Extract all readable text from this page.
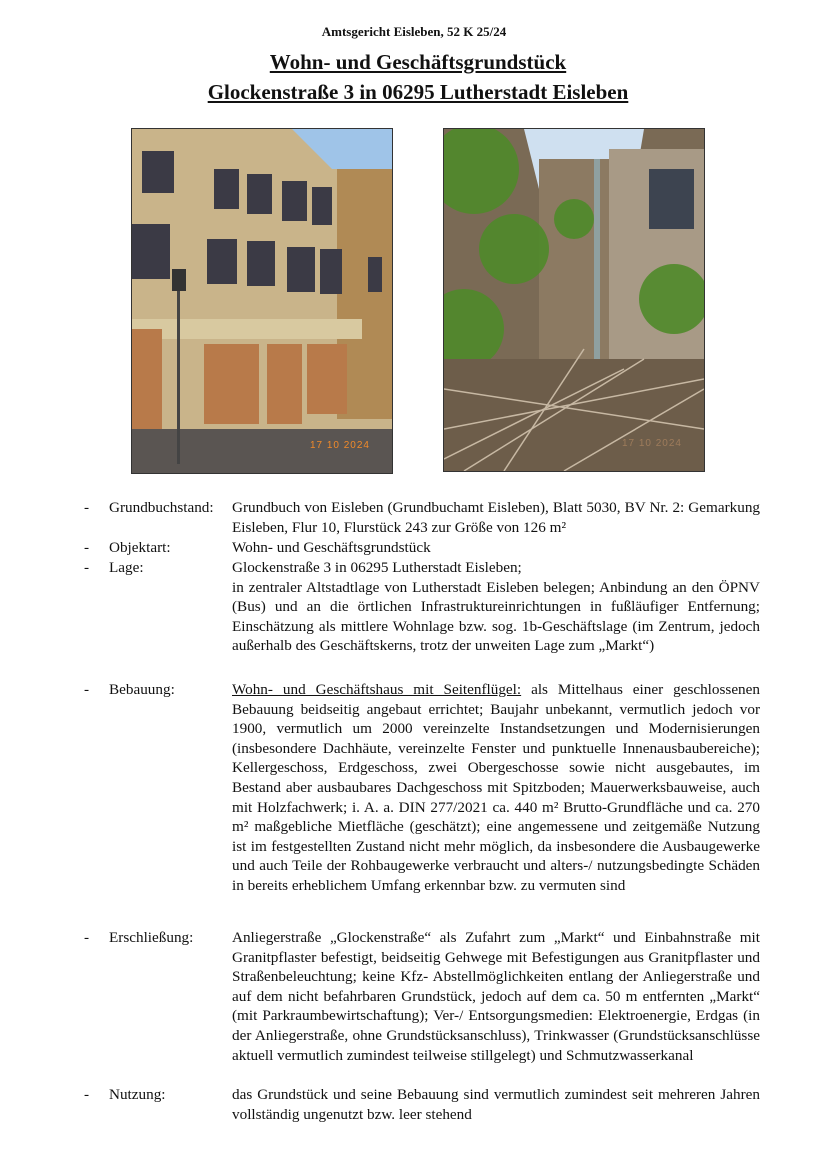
Amtsgericht Eisleben, 52 K 25/24
Wohn- und Geschäftsgrundstück
Glockenstraße 3 in 06295 Lutherstadt Eisleben
17 10 2024	17 10 2024
-	Grundbuchstand: Grundbuch von Eisleben (Grundbuchamt Eisleben), Blatt 5030, BV Nr. 2: Gemarkung Eisleben, Flur 10, Flurstück 243 zur Größe von 126 m²
-	Objektart:	Wohn- und Geschäftsgrundstück
-	Lage:	Glockenstraße 3 in 06295 Lutherstadt Eisleben;
in zentraler Altstadtlage von Lutherstadt Eisleben belegen; Anbindung an den ÖPNV (Bus) und an die örtlichen Infrastruktureinrichtungen in fußläufiger Entfernung; Einschätzung als mittlere Wohnlage bzw. sog. 1b-Geschäftslage (im Zentrum, jedoch außerhalb des Geschäftskerns, trotz der unweiten Lage zum „Markt“)
-	Bebauung:	Wohn- und Geschäftshaus mit Seitenflügel: als Mittelhaus einer geschlossenen Bebauung beidseitig angebaut errichtet; Baujahr unbekannt, vermutlich jedoch vor 1900, vermutlich um 2000 vereinzelte Instandsetzungen und Modernisierungen (insbesondere Dachhäute, vereinzelte Fenster und punktuelle Innenausbaubereiche); Kellergeschoss, Erdgeschoss, zwei Obergeschosse sowie nicht ausgebautes, im Bestand aber ausbaubares Dachgeschoss mit Spitzboden; Mauerwerksbauweise, auch mit Holzfachwerk; i. A. a. DIN 277/2021 ca. 440 m² Brutto-Grundfläche und ca. 270 m² maßgebliche Mietfläche (geschätzt); eine angemessene und zeitgemäße Nutzung ist im festgestellten Zustand nicht mehr möglich, da insbesondere die Ausbaugewerke und auch Teile der Rohbaugewerke verbraucht und alters-/ nutzungsbedingte Schäden in bereits erheblichem Umfang erkennbar bzw. zu vermuten sind
-	Erschließung:	Anliegerstraße „Glockenstraße“ als Zufahrt zum „Markt“ und Einbahnstraße mit Granitpflaster befestigt, beidseitig Gehwege mit Befestigungen aus Granitpflaster und Straßenbeleuchtung; keine Kfz- Abstellmöglichkeiten entlang der Anliegerstraße und auf dem nicht befahrbaren Grundstück, jedoch auf dem ca. 50 m entfernten „Markt“ (mit Parkraumbewirtschaftung); Ver-/ Entsorgungsmedien: Elektroenergie, Erdgas (in der Anliegerstraße, ohne Grundstücksanschluss), Trinkwasser (Grundstücksanschlüsse aktuell vermutlich zumindest teilweise stillgelegt) und Schmutzwasserkanal
-	Nutzung:	das Grundstück und seine Bebauung sind vermutlich zumindest seit mehreren Jahren vollständig ungenutzt bzw. leer stehend
